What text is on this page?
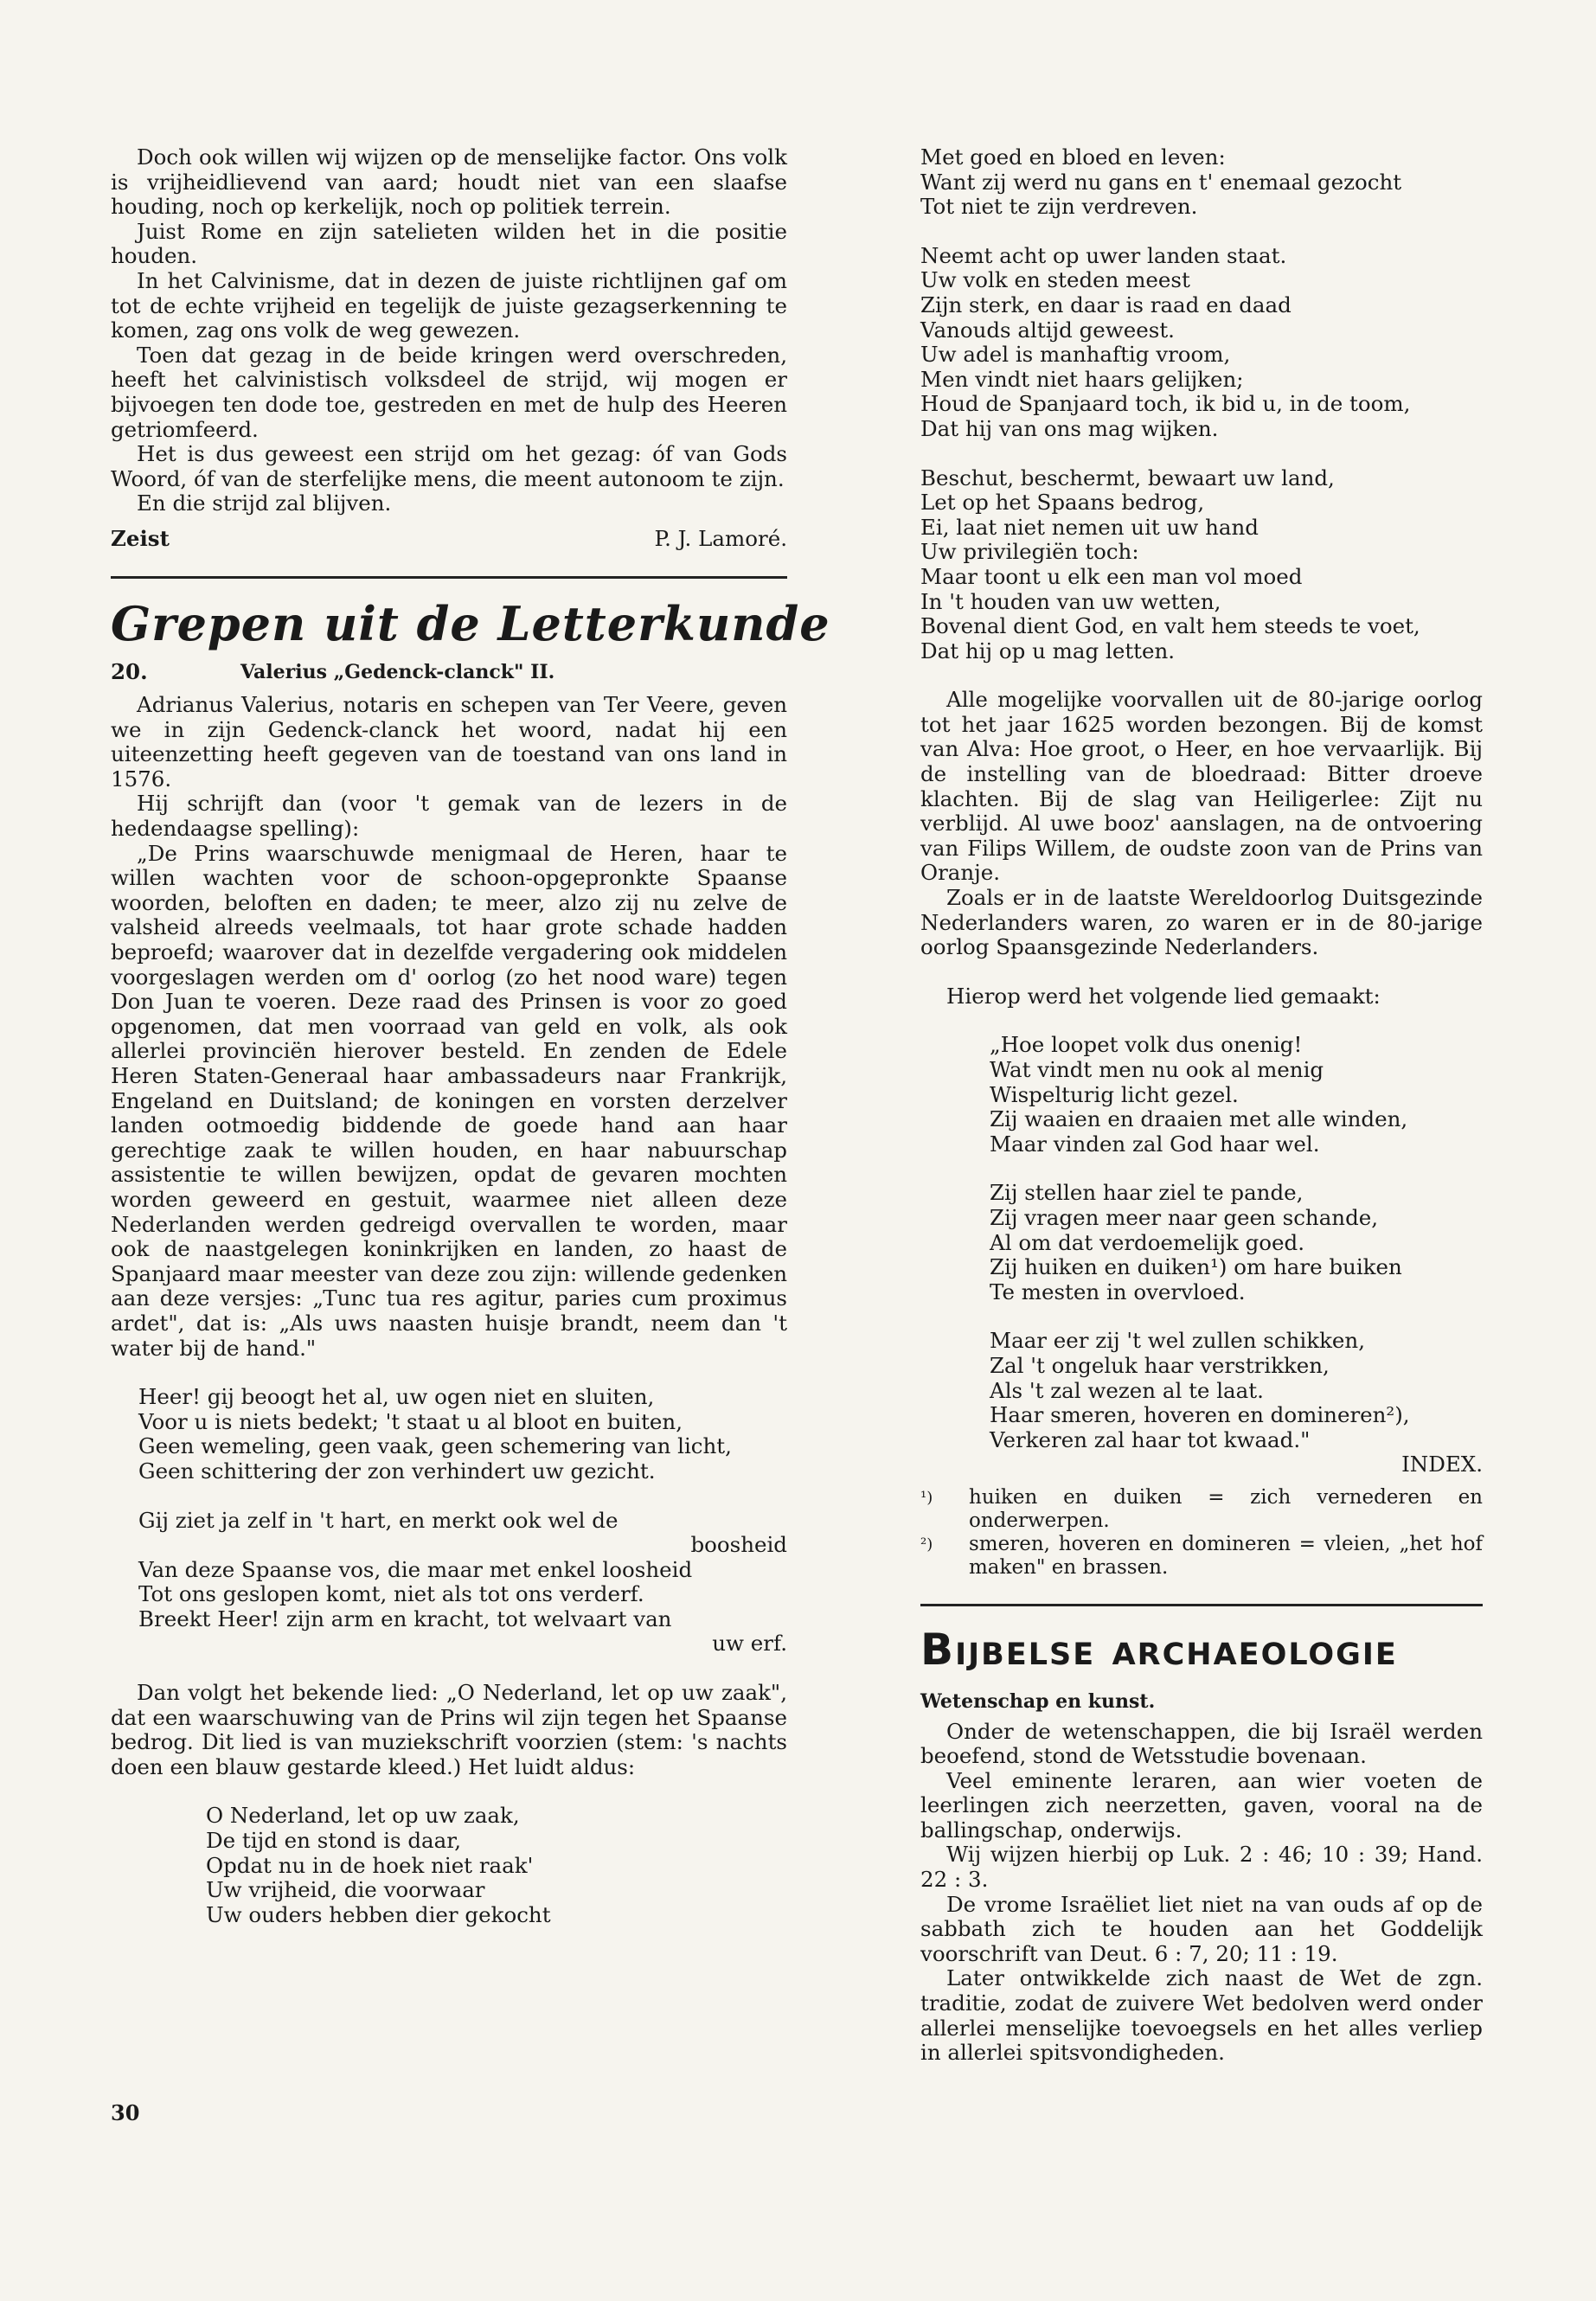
Doch ook willen wij wijzen op de menselijke factor. Ons volk is vrijheidlievend van aard; houdt niet van een slaafse houding, noch op kerkelijk, noch op politiek terrein.

Juist Rome en zijn satelieten wilden het in die positie houden.

In het Calvinisme, dat in dezen de juiste richtlijnen gaf om tot de echte vrijheid en tegelijk de juiste gezagserkenning te komen, zag ons volk de weg gewezen.

Toen dat gezag in de beide kringen werd overschreden, heeft het calvinistisch volksdeel de strijd, wij mogen er bijvoegen ten dode toe, gestreden en met de hulp des Heeren getriomfeerd.

Het is dus geweest een strijd om het gezag: óf van Gods Woord, óf van de sterfelijke mens, die meent autonoom te zijn.

En die strijd zal blijven.

Zeist	P. J. Lamoré.
Grepen uit de Letterkunde
20.	Valerius „Gedenck-clanck" II.

Adrianus Valerius, notaris en schepen van Ter Veere, geven we in zijn Gedenck-clanck het woord, nadat hij een uiteenzetting heeft gegeven van de toestand van ons land in 1576.

Hij schrijft dan (voor 't gemak van de lezers in de hedendaagse spelling):

„De Prins waarschuwde menigmaal de Heren, haar te willen wachten voor de schoon-opgepronkte Spaanse woorden, beloften en daden; te meer, alzo zij nu zelve de valsheid alreeds veelmaals, tot haar grote schade hadden beproefd; waarover dat in dezelfde vergadering ook middelen voorgeslagen werden om d' oorlog (zo het nood ware) tegen Don Juan te voeren. Deze raad des Prinsen is voor zo goed opgenomen, dat men voorraad van geld en volk, als ook allerlei provinciën hierover besteld. En zenden de Edele Heren Staten-Generaal haar ambassadeurs naar Frankrijk, Engeland en Duitsland; de koningen en vorsten derzelver landen ootmoedig biddende de goede hand aan haar gerechtige zaak te willen houden, en haar nabuurschap assistentie te willen bewijzen, opdat de gevaren mochten worden geweerd en gestuit, waarmee niet alleen deze Nederlanden werden gedreigd overvallen te worden, maar ook de naastgelegen koninkrijken en landen, zo haast de Spanjaard maar meester van deze zou zijn: willende gedenken aan deze versjes: „Tunc tua res agitur, paries cum proximus ardet", dat is: „Als uws naasten huisje brandt, neem dan 't water bij de hand."

Heer! gij beoogt het al, uw ogen niet en sluiten,
Voor u is niets bedekt; 't staat u al bloot en buiten,
Geen wemeling, geen vaak, geen schemering van licht,
Geen schittering der zon verhindert uw gezicht.
Gij ziet ja zelf in 't hart, en merkt ook wel de
boosheid
Van deze Spaanse vos, die maar met enkel loosheid
Tot ons geslopen komt, niet als tot ons verderf.
Breekt Heer! zijn arm en kracht, tot welvaart van
uw erf.

Dan volgt het bekende lied: „O Nederland, let op uw zaak", dat een waarschuwing van de Prins wil zijn tegen het Spaanse bedrog. Dit lied is van muziekschrift voorzien (stem: 's nachts doen een blauw gestarde kleed.) Het luidt aldus:

O Nederland, let op uw zaak,
De tijd en stond is daar,
Opdat nu in de hoek niet raak'
Uw vrijheid, die voorwaar
Uw ouders hebben dier gekocht
Met goed en bloed en leven:
Want zij werd nu gans en t' enemaal gezocht
Tot niet te zijn verdreven.
Neemt acht op uwer landen staat.
Uw volk en steden meest
Zijn sterk, en daar is raad en daad
Vanouds altijd geweest.
Uw adel is manhaftig vroom,
Men vindt niet haars gelijken;
Houd de Spanjaard toch, ik bid u, in de toom,
Dat hij van ons mag wijken.
Beschut, beschermt, bewaart uw land,
Let op het Spaans bedrog,
Ei, laat niet nemen uit uw hand
Uw privilegiën toch:
Maar toont u elk een man vol moed
In 't houden van uw wetten,
Bovenal dient God, en valt hem steeds te voet,
Dat hij op u mag letten.

Alle mogelijke voorvallen uit de 80-jarige oorlog tot het jaar 1625 worden bezongen. Bij de komst van Alva: Hoe groot, o Heer, en hoe vervaarlijk. Bij de instelling van de bloedraad: Bitter droeve klachten. Bij de slag van Heiligerlee: Zijt nu verblijd. Al uwe booz' aanslagen, na de ontvoering van Filips Willem, de oudste zoon van de Prins van Oranje.

Zoals er in de laatste Wereldoorlog Duitsgezinde Nederlanders waren, zo waren er in de 80-jarige oorlog Spaansgezinde Nederlanders.

Hierop werd het volgende lied gemaakt:

„Hoe loopet volk dus onenig!
Wat vindt men nu ook al menig
Wispelturig licht gezel.
Zij waaien en draaien met alle winden,
Maar vinden zal God haar wel.
Zij stellen haar ziel te pande,
Zij vragen meer naar geen schande,
Al om dat verdoemelijk goed.
Zij huiken en duiken¹) om hare buiken
Te mesten in overvloed.
Maar eer zij 't wel zullen schikken,
Zal 't ongeluk haar verstrikken,
Als 't zal wezen al te laat.
Haar smeren, hoveren en domineren²),
Verkeren zal haar tot kwaad."
INDEX.
¹)	huiken en duiken = zich vernederen en onderwerpen.
²)	smeren, hoveren en domineren = vleien, „het hof maken" en brassen.
Bijbelse archaeologie
Wetenschap en kunst.

Onder de wetenschappen, die bij Israël werden beoefend, stond de Wetsstudie bovenaan.

Veel eminente leraren, aan wier voeten de leerlingen zich neerzetten, gaven, vooral na de ballingschap, onderwijs.

Wij wijzen hierbij op Luk. 2 : 46; 10 : 39; Hand. 22 : 3.

De vrome Israëliet liet niet na van ouds af op de sabbath zich te houden aan het Goddelijk voorschrift van Deut. 6 : 7, 20; 11 : 19.

Later ontwikkelde zich naast de Wet de zgn. traditie, zodat de zuivere Wet bedolven werd onder allerlei menselijke toevoegsels en het alles verliep in allerlei spitsvondigheden.

30
